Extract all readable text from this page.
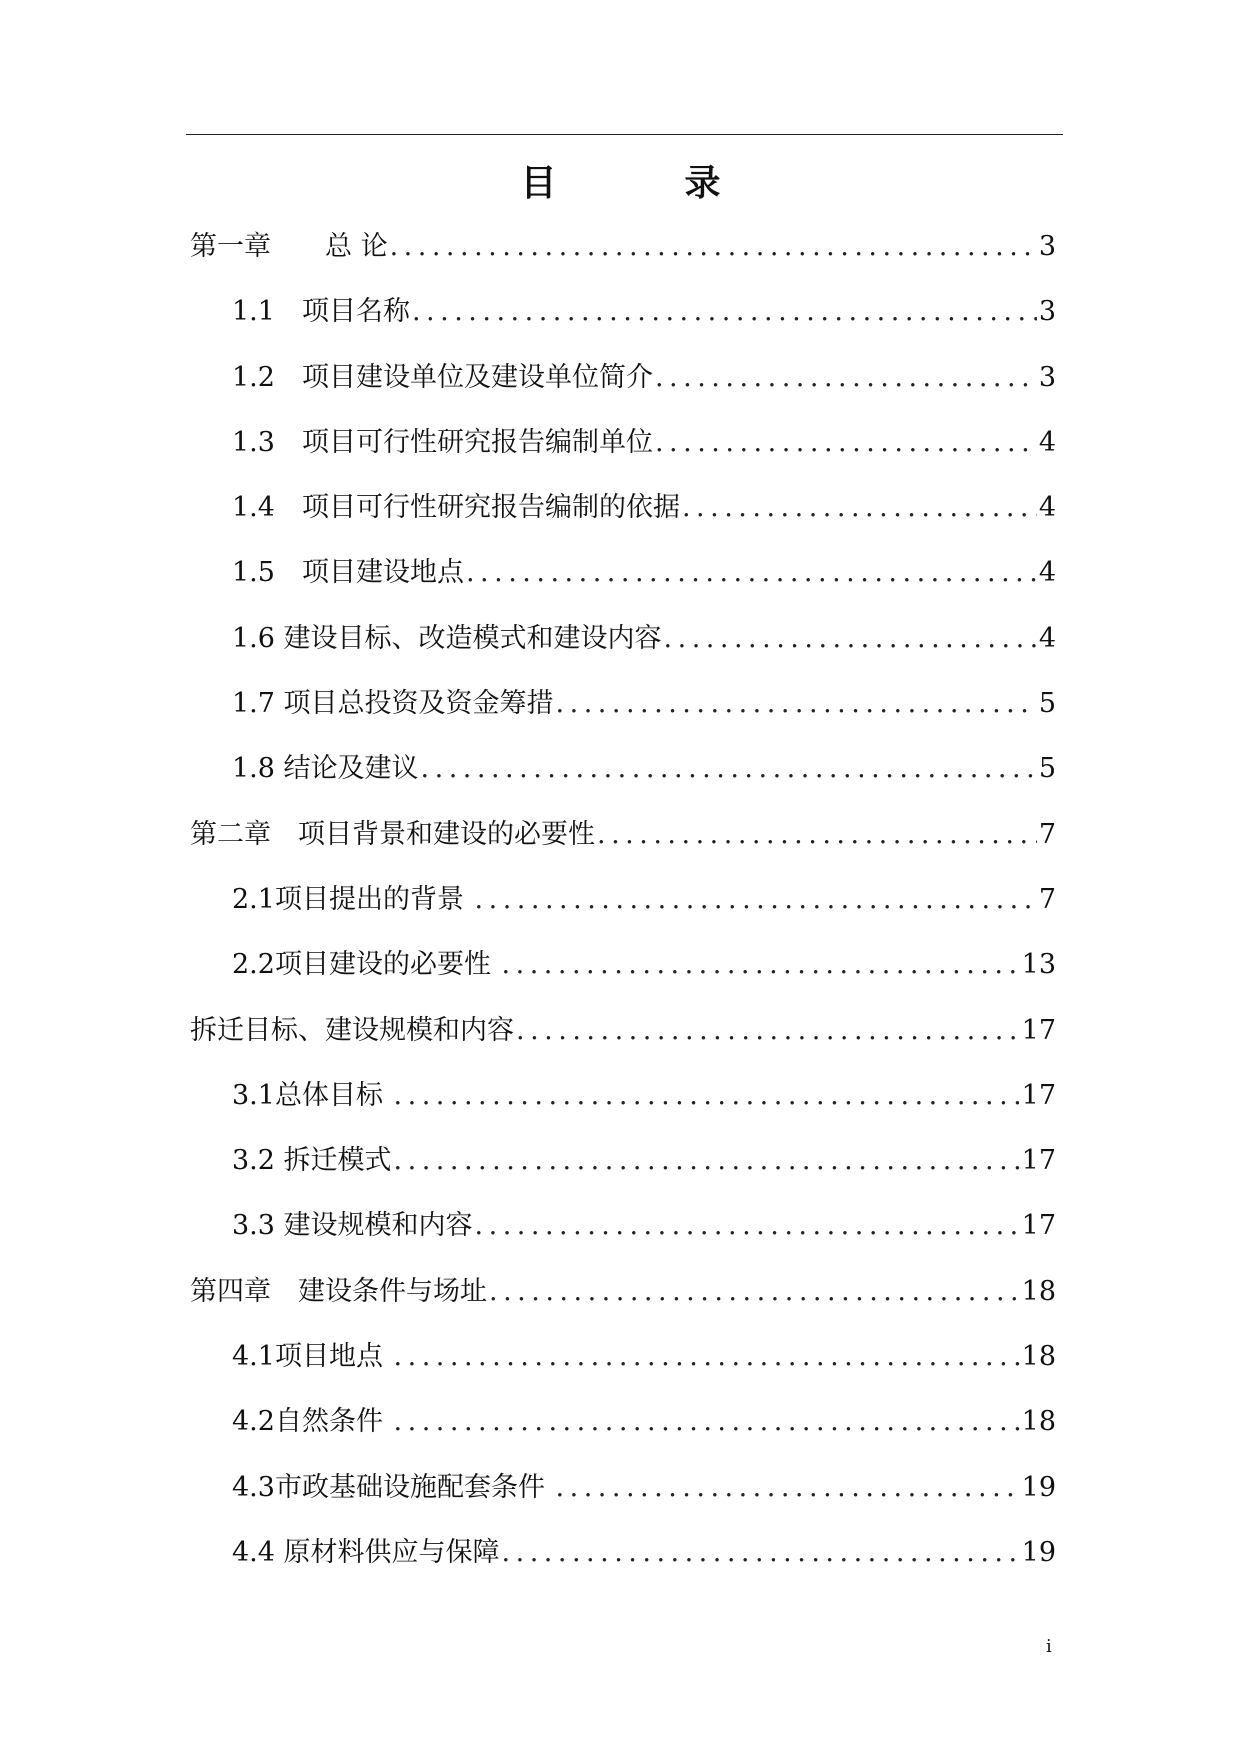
目　录
第一章　　总 论 .....	3
1.1　项目名称 .....	3
1.2　项目建设单位及建设单位简介 .....	3
1.3　项目可行性研究报告编制单位 .....	4
1.4　项目可行性研究报告编制的依据 .....	4
1.5　项目建设地点 .....	4
1.6 建设目标、改造模式和建设内容 .....	4
1.7 项目总投资及资金筹措 .....	5
1.8 结论及建议 .....	5
第二章　项目背景和建设的必要性 .....	7
2.1项目提出的背景 .....	7
2.2项目建设的必要性 .....	13
拆迁目标、建设规模和内容 .....	17
3.1总体目标 .....	17
3.2 拆迁模式 .....	17
3.3 建设规模和内容 .....	17
第四章　建设条件与场址 .....	18
4.1项目地点 .....	18
4.2自然条件 .....	18
4.3市政基础设施配套条件 .....	19
4.4 原材料供应与保障 .....	19
i
